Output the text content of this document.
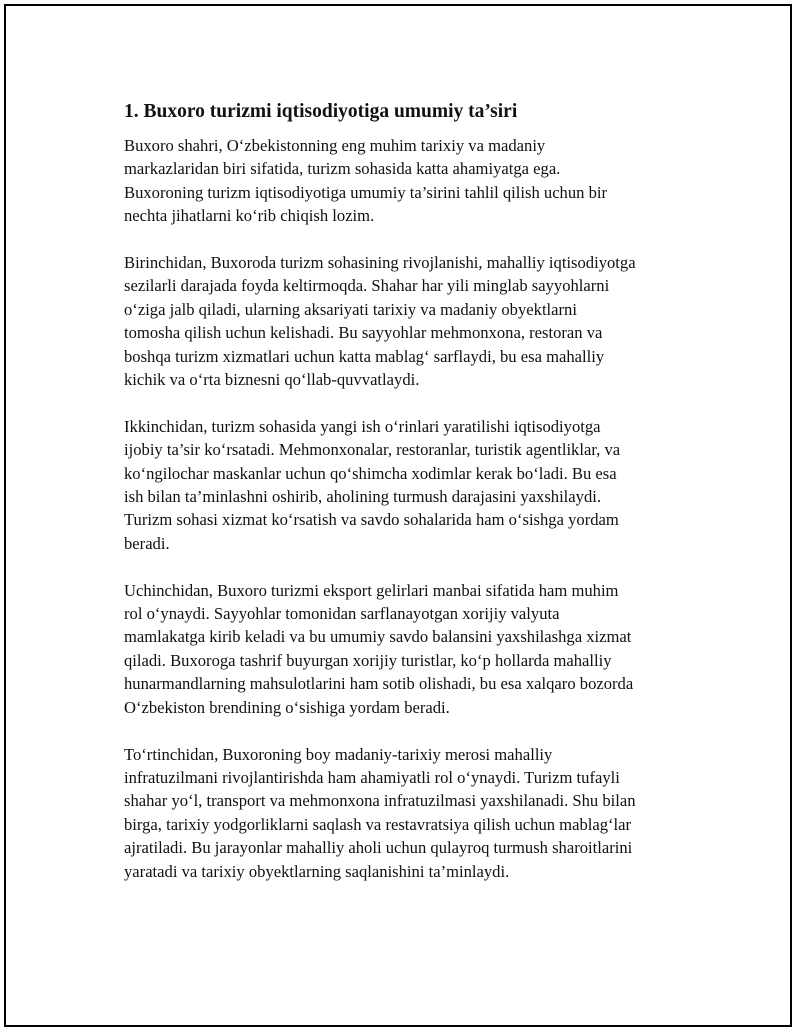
1. Buxoro turizmi iqtisodiyotiga umumiy ta’siri

Buxoro shahri, O‘zbekistonning eng muhim tarixiy va madaniy
markazlaridan biri sifatida, turizm sohasida katta ahamiyatga ega.
Buxoroning turizm iqtisodiyotiga umumiy ta’sirini tahlil qilish uchun bir
nechta jihatlarni ko‘rib chiqish lozim.

Birinchidan, Buxoroda turizm sohasining rivojlanishi, mahalliy iqtisodiyotga
sezilarli darajada foyda keltirmoqda. Shahar har yili minglab sayyohlarni
o‘ziga jalb qiladi, ularning aksariyati tarixiy va madaniy obyektlarni
tomosha qilish uchun kelishadi. Bu sayyohlar mehmonxona, restoran va
boshqa turizm xizmatlari uchun katta mablag‘ sarflaydi, bu esa mahalliy
kichik va o‘rta biznesni qo‘llab-quvvatlaydi.

Ikkinchidan, turizm sohasida yangi ish o‘rinlari yaratilishi iqtisodiyotga
ijobiy ta’sir ko‘rsatadi. Mehmonxonalar, restoranlar, turistik agentliklar, va
ko‘ngilochar maskanlar uchun qo‘shimcha xodimlar kerak bo‘ladi. Bu esa
ish bilan ta’minlashni oshirib, aholining turmush darajasini yaxshilaydi.
Turizm sohasi xizmat ko‘rsatish va savdo sohalarida ham o‘sishga yordam
beradi.

Uchinchidan, Buxoro turizmi eksport gelirlari manbai sifatida ham muhim
rol o‘ynaydi. Sayyohlar tomonidan sarflanayotgan xorijiy valyuta
mamlakatga kirib keladi va bu umumiy savdo balansini yaxshilashga xizmat
qiladi. Buxoroga tashrif buyurgan xorijiy turistlar, ko‘p hollarda mahalliy
hunarmandlarning mahsulotlarini ham sotib olishadi, bu esa xalqaro bozorda
O‘zbekiston brendining o‘sishiga yordam beradi.

To‘rtinchidan, Buxoroning boy madaniy-tarixiy merosi mahalliy
infratuzilmani rivojlantirishda ham ahamiyatli rol o‘ynaydi. Turizm tufayli
shahar yo‘l, transport va mehmonxona infratuzilmasi yaxshilanadi. Shu bilan
birga, tarixiy yodgorliklarni saqlash va restavratsiya qilish uchun mablag‘lar
ajratiladi. Bu jarayonlar mahalliy aholi uchun qulayroq turmush sharoitlarini
yaratadi va tarixiy obyektlarning saqlanishini ta’minlaydi.
